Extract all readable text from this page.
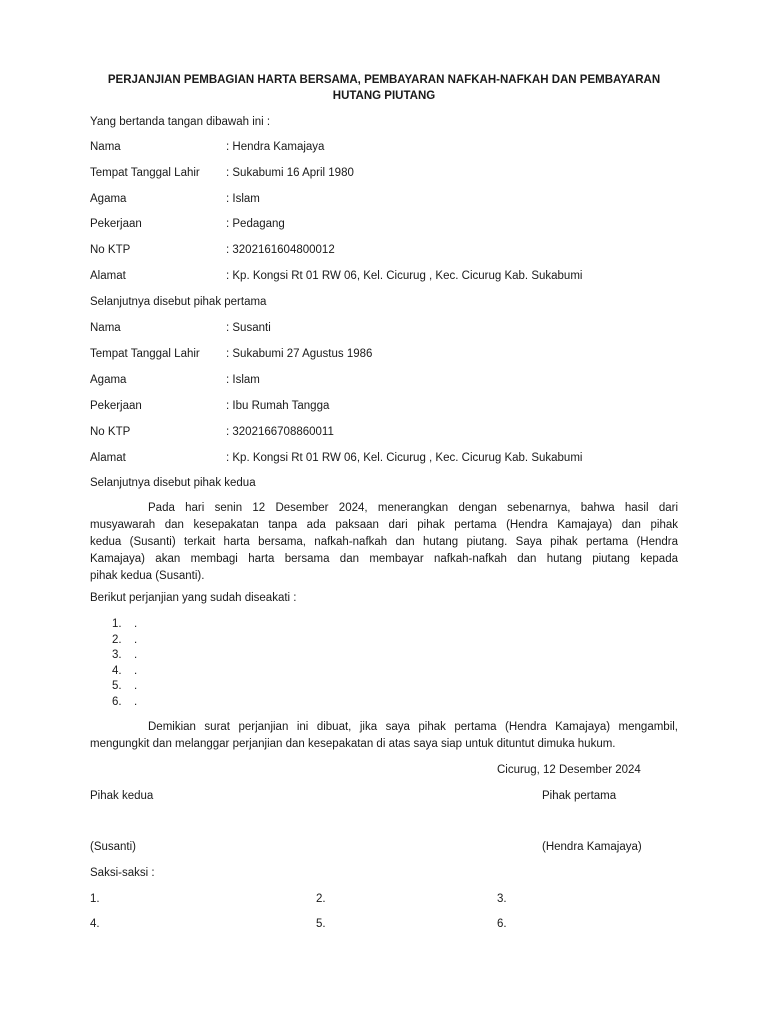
PERJANJIAN PEMBAGIAN HARTA BERSAMA, PEMBAYARAN NAFKAH-NAFKAH DAN PEMBAYARAN
HUTANG PIUTANG
Yang bertanda tangan dibawah ini :
Nama	: Hendra Kamajaya
Tempat Tanggal Lahir : Sukabumi 16 April 1980
Agama	: Islam
Pekerjaan	: Pedagang
No KTP	: 3202161604800012
Alamat	: Kp. Kongsi Rt 01 RW 06, Kel. Cicurug , Kec. Cicurug Kab. Sukabumi
Selanjutnya disebut pihak pertama
Nama	: Susanti
Tempat Tanggal Lahir : Sukabumi 27 Agustus 1986
Agama	: Islam
Pekerjaan	: Ibu Rumah Tangga
No KTP	: 3202166708860011
Alamat	: Kp. Kongsi Rt 01 RW 06, Kel. Cicurug , Kec. Cicurug Kab. Sukabumi
Selanjutnya disebut pihak kedua
Pada hari senin 12 Desember 2024, menerangkan dengan sebenarnya, bahwa hasil dari
musyawarah dan kesepakatan tanpa ada paksaan dari pihak pertama (Hendra Kamajaya) dan pihak
kedua (Susanti) terkait harta bersama, nafkah-nafkah dan hutang piutang. Saya pihak pertama (Hendra
Kamajaya) akan membagi harta bersama dan membayar nafkah-nafkah dan hutang piutang kepada
pihak kedua (Susanti).
Berikut perjanjian yang sudah diseakati :
1. .
2. .
3. .
4. .
5. .
6. .
Demikian surat perjanjian ini dibuat, jika saya pihak pertama (Hendra Kamajaya) mengambil,
mengungkit dan melanggar perjanjian dan kesepakatan di atas saya siap untuk dituntut dimuka hukum.
Cicurug, 12 Desember 2024
Pihak kedua	Pihak pertama
(Susanti)	(Hendra Kamajaya)
Saksi-saksi :
1.	2.	3.
4.	5.	6.
